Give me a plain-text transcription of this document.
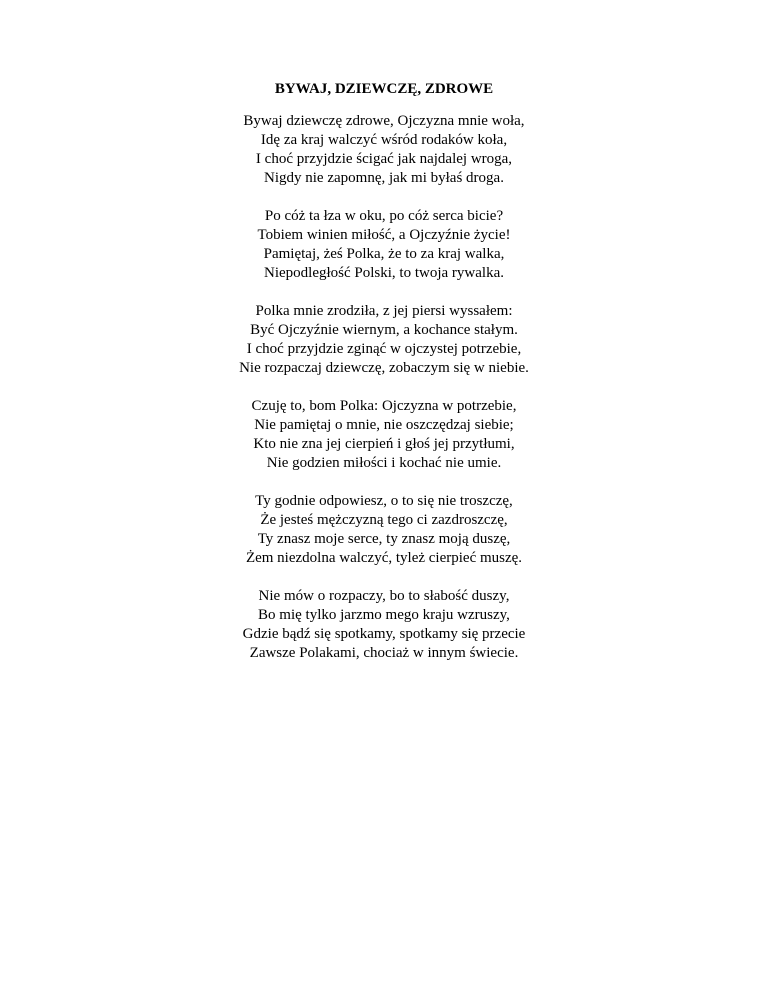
BYWAJ, DZIEWCZĘ, ZDROWE
Bywaj dziewczę zdrowe, Ojczyzna mnie woła,
Idę za kraj walczyć wśród rodaków koła,
I choć przyjdzie ścigać jak najdalej wroga,
Nigdy nie zapomnę, jak mi byłaś droga.
Po cóż ta łza w oku, po cóż serca bicie?
Tobiem winien miłość, a Ojczyźnie życie!
Pamiętaj, żeś Polka, że to za kraj walka,
Niepodległość Polski, to twoja rywalka.
Polka mnie zrodziła, z jej piersi wyssałem:
Być Ojczyźnie wiernym, a kochance stałym.
I choć przyjdzie zginąć w ojczystej potrzebie,
Nie rozpaczaj dziewczę, zobaczym się w niebie.
Czuję to, bom Polka: Ojczyzna w potrzebie,
Nie pamiętaj o mnie, nie oszczędzaj siebie;
Kto nie zna jej cierpień i głoś jej przytłumi,
Nie godzien miłości i kochać nie umie.
Ty godnie odpowiesz, o to się nie troszczę,
Że jesteś mężczyzną tego ci zazdroszczę,
Ty znasz moje serce, ty znasz moją duszę,
Żem niezdolna walczyć, tyleż cierpieć muszę.
Nie mów o rozpaczy, bo to słabość duszy,
Bo mię tylko jarzmo mego kraju wzruszy,
Gdzie bądź się spotkamy, spotkamy się przecie
Zawsze Polakami, chociaż w innym świecie.
